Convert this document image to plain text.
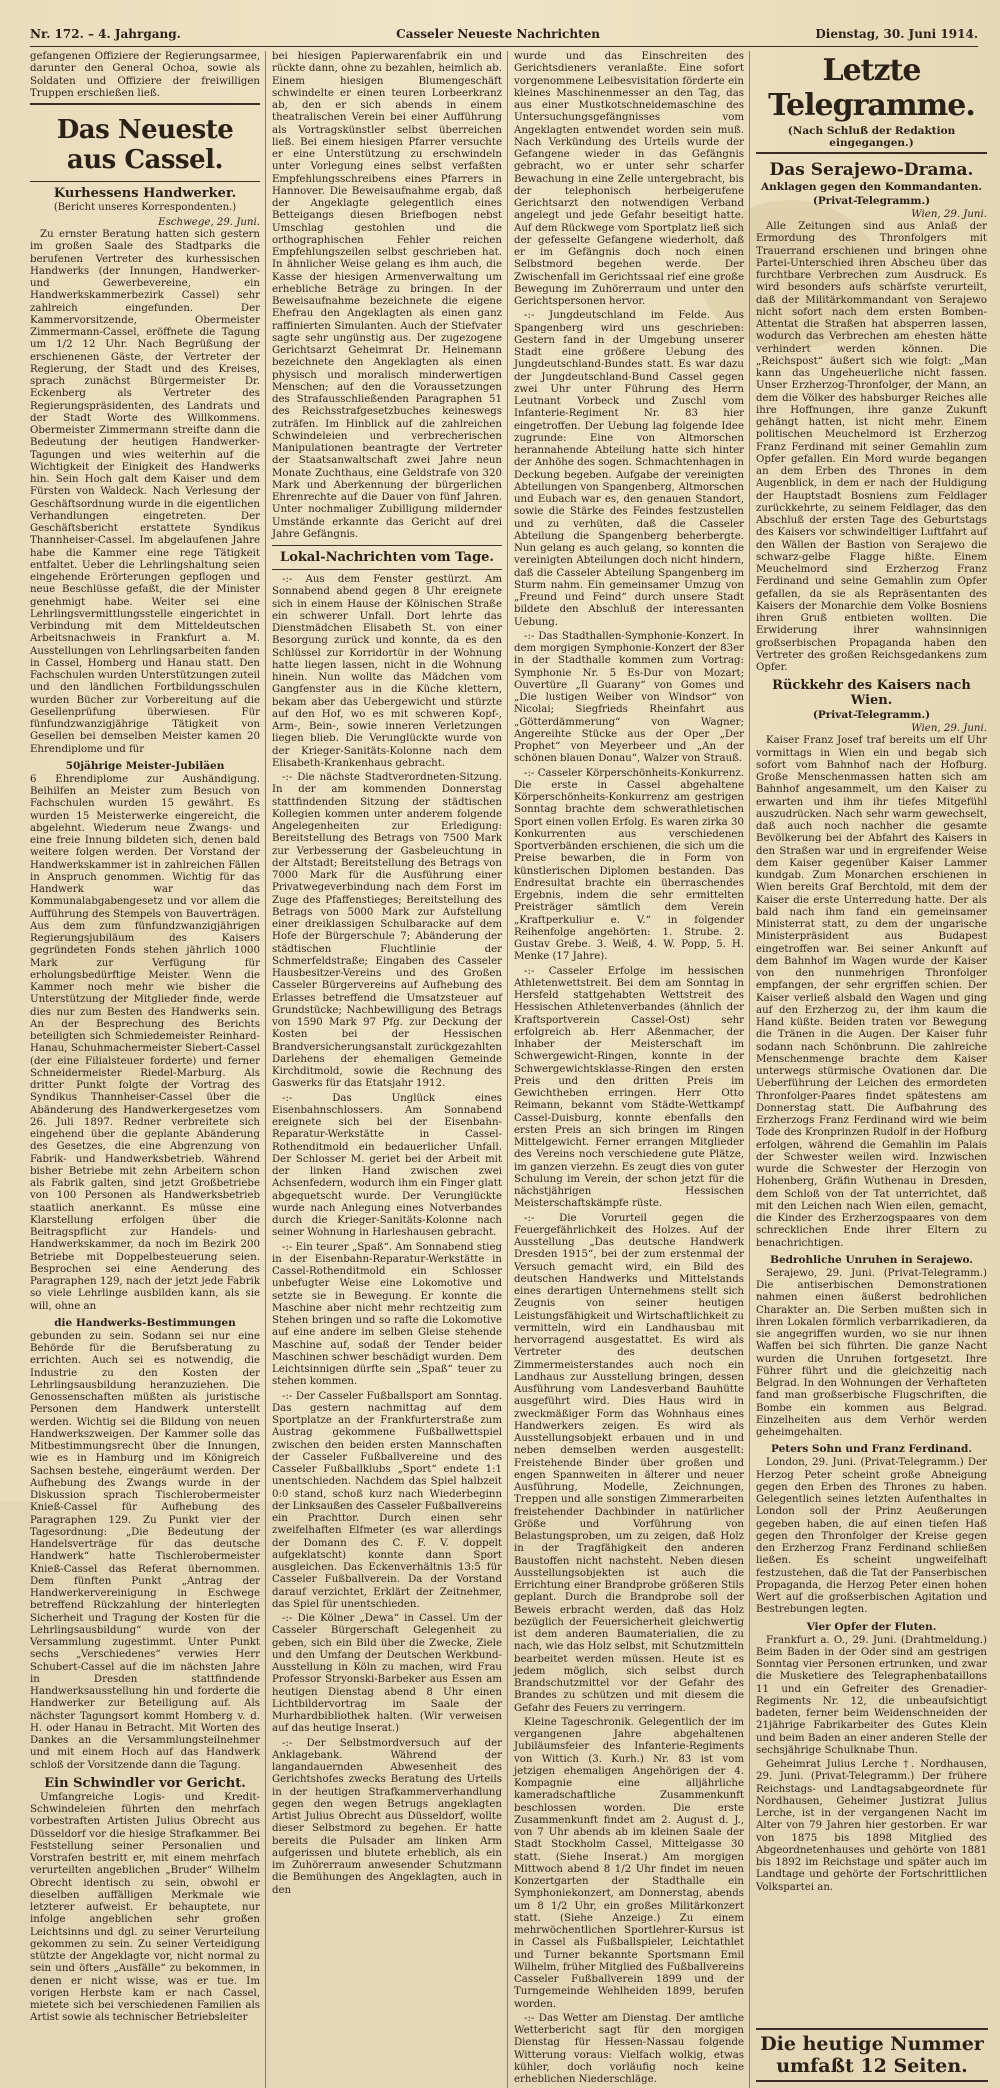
Nr. 172. – 4. Jahrgang.	Casseler Neueste Nachrichten	Dienstag, 30. Juni 1914.

gefangenen Offiziere der Regierungsarmee, darunter den General Ochoa, sowie als Soldaten und Offiziere der freiwilligen Truppen erschießen ließ.

Das Neueste aus Cassel.
Kurhessens Handwerker.
(Bericht unseres Korrespondenten.)
Eschwege, 29. Juni.

Zu ernster Beratung hatten sich gestern im großen Saale des Stadtparks die berufenen Vertreter des kurhessischen Handwerks (der Innungen, Handwerker- und Gewerbevereine, ein Handwerkskammerbezirk Cassel) sehr zahlreich eingefunden. Der Kammervorsitzende, Obermeister Zimmermann-Cassel, eröffnete die Tagung um 1/2 12 Uhr. Nach Begrüßung der erschienenen Gäste, der Vertreter der Regierung, der Stadt und des Kreises, sprach zunächst Bürgermeister Dr. Eckenberg als Vertreter des Regierungspräsidenten, des Landrats und der Stadt Worte des Willkommens. Obermeister Zimmermann streifte dann die Bedeutung der heutigen Handwerker-Tagungen und wies weiterhin auf die Wichtigkeit der Einigkeit des Handwerks hin. Sein Hoch galt dem Kaiser und dem Fürsten von Waldeck. Nach Verlesung der Geschäftsordnung wurde in die eigentlichen Verhandlungen eingetreten. Der Geschäftsbericht erstattete Syndikus Thannheiser-Cassel. Im abgelaufenen Jahre habe die Kammer eine rege Tätigkeit entfaltet. Ueber die Lehrlingshaltung seien eingehende Erörterungen gepflogen und neue Beschlüsse gefaßt, die der Minister genehmigt habe. Weiter sei eine Lehrlingsvermittlungsstelle eingerichtet in Verbindung mit dem Mitteldeutschen Arbeitsnachweis in Frankfurt a. M. Ausstellungen von Lehrlingsarbeiten fanden in Cassel, Homberg und Hanau statt. Den Fachschulen wurden Unterstützungen zuteil und den ländlichen Fortbildungsschulen wurden Bücher zur Vorbereitung auf die Gesellenprüfung überwiesen. Für fünfundzwanzigjährige Tätigkeit von Gesellen bei demselben Meister kamen 20 Ehrendiplome und für

50jährige Meister-Jubiläen

6 Ehrendiplome zur Aushändigung. Beihilfen an Meister zum Besuch von Fachschulen wurden 15 gewährt. Es wurden 15 Meisterwerke eingereicht, die abgelehnt. Wiederum neue Zwangs- und eine freie Innung bildeten sich, denen bald weitere folgen werden. Der Vorstand der Handwerkskammer ist in zahlreichen Fällen in Anspruch genommen. Wichtig für das Handwerk war das Kommunalabgabengesetz und vor allem die Aufführung des Stempels von Bauverträgen. Aus dem zum fünfundzwanzigjährigen Regierungsjubiläum des Kaisers gegründeten Fonds stehen jährlich 1000 Mark zur Verfügung für erholungsbedürftige Meister. Wenn die Kammer noch mehr wie bisher die Unterstützung der Mitglieder finde, werde dies nur zum Besten des Handwerks sein. An der Besprechung des Berichts beteiligten sich Schmiedemeister Reinhard-Hanau, Schuhmachermeister Siebert-Cassel (der eine Filialsteuer forderte) und ferner Schneidermeister Riedel-Marburg. Als dritter Punkt folgte der Vortrag des Syndikus Thannheiser-Cassel über die Abänderung des Handwerkergesetzes vom 26. Juli 1897. Redner verbreitete sich eingehend über die geplante Abänderung des Gesetzes, die eine Abgrenzung von Fabrik- und Handwerksbetrieb. Während bisher Betriebe mit zehn Arbeitern schon als Fabrik galten, sind jetzt Großbetriebe von 100 Personen als Handwerksbetrieb staatlich anerkannt. Es müsse eine Klarstellung erfolgen über die Beitragspflicht zur Handels- und Handwerkskammer, da noch im Bezirk 200 Betriebe mit Doppelbesteuerung seien. Besprochen sei eine Aenderung des Paragraphen 129, nach der jetzt jede Fabrik so viele Lehrlinge ausbilden kann, als sie will, ohne an

die Handwerks-Bestimmungen

gebunden zu sein. Sodann sei nur eine Behörde für die Berufsberatung zu errichten. Auch sei es notwendig, die Industrie zu den Kosten der Lehrlingsausbildung heranzuziehen. Die Genossenschaften müßten als juristische Personen dem Handwerk unterstellt werden. Wichtig sei die Bildung von neuen Handwerkszweigen. Der Kammer solle das Mitbestimmungsrecht über die Innungen, wie es in Hamburg und im Königreich Sachsen bestehe, eingeräumt werden. Der Aufhebung des Zwangs wurde in der Diskussion sprach Tischlerobermeister Knieß-Cassel für Aufhebung des Paragraphen 129. Zu Punkt vier der Tagesordnung: „Die Bedeutung der Handelsverträge für das deutsche Handwerk“ hatte Tischlerobermeister Knieß-Cassel das Referat übernommen. Dem fünften Punkt „Antrag der Handwerkervereinigung in Eschwege betreffend Rückzahlung der hinterlegten Sicherheit und Tragung der Kosten für die Lehrlingsausbildung“ wurde von der Versammlung zugestimmt. Unter Punkt sechs „Verschiedenes“ verwies Herr Schubert-Cassel auf die im nächsten Jahre in Dresden stattfindende Handwerksausstellung hin und forderte die Handwerker zur Beteiligung auf. Als nächster Tagungsort kommt Homberg v. d. H. oder Hanau in Betracht. Mit Worten des Dankes an die Versammlungsteilnehmer und mit einem Hoch auf das Handwerk schloß der Vorsitzende dann die Tagung.

Ein Schwindler vor Gericht.

Umfangreiche Logis- und Kredit-Schwindeleien führten den mehrfach vorbestraften Artisten Julius Obrecht aus Düsseldorf vor die hiesige Strafkammer. Bei Feststellung seiner Personalien und Vorstrafen bestritt er, mit einem mehrfach verurteilten angeblichen „Bruder“ Wilhelm Obrecht identisch zu sein, obwohl er dieselben auffälligen Merkmale wie letzterer aufweist. Er behauptete, nur infolge angeblichen sehr großen Leichtsinns und dgl. zu seiner Verurteilung gekommen zu sein. Zu seiner Verteidigung stützte der Angeklagte vor, nicht normal zu sein und öfters „Ausfälle“ zu bekommen, in denen er nicht wisse, was er tue. Im vorigen Herbste kam er nach Cassel, mietete sich bei verschiedenen Familien als Artist sowie als technischer Betriebsleiter

bei hiesigen Papierwarenfabrik ein und rückte dann, ohne zu bezahlen, heimlich ab. Einem hiesigen Blumengeschäft schwindelte er einen teuren Lorbeerkranz ab, den er sich abends in einem theatralischen Verein bei einer Aufführung als Vortragskünstler selbst überreichen ließ. Bei einem hiesigen Pfarrer versuchte er eine Unterstützung zu erschwindeln unter Vorlegung eines selbst verfaßten Empfehlungsschreibens eines Pfarrers in Hannover. Die Beweisaufnahme ergab, daß der Angeklagte gelegentlich eines Betteigangs diesen Briefbogen nebst Umschlag gestohlen und die orthographischen Fehler reichen Empfehlungszeilen selbst geschrieben hat. In ähnlicher Weise gelang es ihm auch, die Kasse der hiesigen Armenverwaltung um erhebliche Beträge zu bringen. In der Beweisaufnahme bezeichnete die eigene Ehefrau den Angeklagten als einen ganz raffinierten Simulanten. Auch der Stiefvater sagte sehr ungünstig aus. Der zugezogene Gerichtsarzt Geheimrat Dr. Heinemann bezeichnete den Angeklagten als einen physisch und moralisch minderwertigen Menschen; auf den die Voraussetzungen des Strafausschließenden Paragraphen 51 des Reichsstrafgesetzbuches keineswegs zuträfen. Im Hinblick auf die zahlreichen Schwindeleien und verbrecherischen Manipulationen beantragte der Vertreter der Staatsanwaltschaft zwei Jahre neun Monate Zuchthaus, eine Geldstrafe von 320 Mark und Aberkennung der bürgerlichen Ehrenrechte auf die Dauer von fünf Jahren. Unter nochmaliger Zubilligung mildernder Umstände erkannte das Gericht auf drei Jahre Gefängnis.

Lokal-Nachrichten vom Tage.

-:- Aus dem Fenster gestürzt. Am Sonnabend abend gegen 8 Uhr ereignete sich in einem Hause der Kölnischen Straße ein schwerer Unfall. Dort lehrte das Dienstmädchen Elisabeth St. von einer Besorgung zurück und konnte, da es den Schlüssel zur Korridortür in der Wohnung hatte liegen lassen, nicht in die Wohnung hinein. Nun wollte das Mädchen vom Gangfenster aus in die Küche klettern, bekam aber das Uebergewicht und stürzte auf den Hof, wo es mit schweren Kopf-, Arm-, Bein-, sowie inneren Verletzungen liegen blieb. Die Verunglückte wurde von der Krieger-Sanitäts-Kolonne nach dem Elisabeth-Krankenhaus gebracht.

-:- Die nächste Stadtverordneten-Sitzung. In der am kommenden Donnerstag stattfindenden Sitzung der städtischen Kollegien kommen unter anderem folgende Angelegenheiten zur Erledigung: Bereitstellung des Betrags von 7500 Mark zur Verbesserung der Gasbeleuchtung in der Altstadt; Bereitstellung des Betrags von 7000 Mark für die Ausführung einer Privatwegeverbindung nach dem Forst im Zuge des Pfaffenstieges; Bereitstellung des Betrags von 5000 Mark zur Aufstellung einer dreiklassigen Schulbaracke auf dem Hofe der Bürgerschule 7; Abänderung der städtischen Fluchtlinie der Schmerfeldstraße; Eingaben des Casseler Hausbesitzer-Vereins und des Großen Casseler Bürgervereins auf Aufhebung des Erlasses betreffend die Umsatzsteuer auf Grundstücke; Nachbewilligung des Betrags von 1590 Mark 97 Pfg. zur Deckung der Kosten bei der Hessischen Brandversicherungsanstalt zurückgezahlten Darlehens der ehemaligen Gemeinde Kirchditmold, sowie die Rechnung des Gaswerks für das Etatsjahr 1912.

-:- Das Unglück eines Eisenbahnschlossers. Am Sonnabend ereignete sich bei der Eisenbahn-Reparatur-Werkstätte in Cassel-Rothenditmold ein bedauerlicher Unfall. Der Schlosser M. geriet bei der Arbeit mit der linken Hand zwischen zwei Achsenfedern, wodurch ihm ein Finger glatt abgequetscht wurde. Der Verunglückte wurde nach Anlegung eines Notverbandes durch die Krieger-Sanitäts-Kolonne nach seiner Wohnung in Harleshausen gebracht.

-:- Ein teurer „Spaß“. Am Sonnabend stieg in der Eisenbahn-Reparatur-Werkstätte in Cassel-Rothenditmold ein Schlosser unbefugter Weise eine Lokomotive und setzte sie in Bewegung. Er konnte die Maschine aber nicht mehr rechtzeitig zum Stehen bringen und so rafte die Lokomotive auf eine andere im selben Gleise stehende Maschine auf, sodaß der Tender beider Maschinen schwer beschädigt wurden. Dem Leichtsinnigen dürfte sein „Spaß“ teuer zu stehen kommen.

-:- Der Casseler Fußballsport am Sonntag. Das gestern nachmittag auf dem Sportplatze an der Frankfurterstraße zum Austrag gekommene Fußballwettspiel zwischen den beiden ersten Mannschaften der Casseler Fußballvereine und des Casseler Fußballklubs „Sport“ endete 1:1 unentschieden. Nachdem das Spiel halbzeit 0:0 stand, schoß kurz nach Wiederbeginn der Linksaußen des Casseler Fußballvereins ein Prachttor. Durch einen sehr zweifelhaften Elfmeter (es war allerdings der Domann des C. F. V. doppelt aufgeklatscht) konnte dann Sport ausgleichen. Das Eckenverhältnis 13:5 für Casseler Fußballverein. Da der Vorstand darauf verzichtet, Erklärt der Zeitnehmer, das Spiel für unentschieden.

-:- Die Kölner „Dewa“ in Cassel. Um der Casseler Bürgerschaft Gelegenheit zu geben, sich ein Bild über die Zwecke, Ziele und den Umfang der Deutschen Werkbund-Ausstellung in Köln zu machen, wird Frau Professor Stryonski-Barbeker aus Essen am heutigen Dienstag abend 8 Uhr einen Lichtbildervortrag im Saale der Murhardbibliothek halten. (Wir verweisen auf das heutige Inserat.)

-:- Der Selbstmordversuch auf der Anklagebank. Während der langandauernden Abwesenheit des Gerichtshofes zwecks Beratung des Urteils in der heutigen Strafkammerverhandlung gegen den wegen Betrugs angeklagten Artist Julius Obrecht aus Düsseldorf, wollte dieser Selbstmord zu begehen. Er hatte bereits die Pulsader am linken Arm aufgerissen und blutete erheblich, als ein im Zuhörerraum anwesender Schutzmann die Bemühungen des Angeklagten, auch in den

wurde und das Einschreiten des Gerichtsdieners veranlaßte. Eine sofort vorgenommene Leibesvisitation förderte ein kleines Maschinenmesser an den Tag, das aus einer Mustkotschneidemaschine des Untersuchungsgefängnisses vom Angeklagten entwendet worden sein muß. Nach Verkündung des Urteils wurde der Gefangene wieder in das Gefängnis gebracht, wo er unter sehr scharfer Bewachung in eine Zelle untergebracht, bis der telephonisch herbeigerufene Gerichtsarzt den notwendigen Verband angelegt und jede Gefahr beseitigt hatte. Auf dem Rückwege vom Sportplatz ließ sich der gefesselte Gefangene wiederholt, daß er im Gefängnis doch noch einen Selbstmord begehen werde. Der Zwischenfall im Gerichtssaal rief eine große Bewegung im Zuhörerraum und unter den Gerichtspersonen hervor.

-:- Jungdeutschland im Felde. Aus Spangenberg wird uns geschrieben: Gestern fand in der Umgebung unserer Stadt eine größere Uebung des Jungdeutschland-Bundes statt. Es war dazu der Jungdeutschland-Bund Cassel gegen zwei Uhr unter Führung des Herrn Leutnant Vorbeck und Zuschl vom Infanterie-Regiment Nr. 83 hier eingetroffen. Der Uebung lag folgende Idee zugrunde: Eine von Altmorschen herannahende Abteilung hatte sich hinter der Anhöhe des sogen. Schmachtenhagen in Deckung begeben. Aufgabe der vereinigten Abteilungen von Spangenberg, Altmorschen und Eubach war es, den genauen Standort, sowie die Stärke des Feindes festzustellen und zu verhüten, daß die Casseler Abteilung die Spangenberg beherbergte. Nun gelang es auch gelang, so konnten die vereinigten Abteilungen doch nicht hindern, daß die Casseler Abteilung Spangenberg im Sturm nahm. Ein gemeinsamer Umzug von „Freund und Feind“ durch unsere Stadt bildete den Abschluß der interessanten Uebung.

-:- Das Stadthallen-Symphonie-Konzert. In dem morgigen Symphonie-Konzert der 83er in der Stadthalle kommen zum Vortrag: Symphonie Nr. 5 Es-Dur von Mozart; Ouvertüre „Il Guarany“ von Gomes und „Die lustigen Weiber von Windsor“ von Nicolai; Siegfrieds Rheinfahrt aus „Götterdämmerung“ von Wagner; Angereihte Stücke aus der Oper „Der Prophet“ von Meyerbeer und „An der schönen blauen Donau“, Walzer von Strauß.

-:- Casseler Körperschönheits-Konkurrenz. Die erste in Cassel abgehaltene Körperschönheits-Konkurrenz am gestrigen Sonntag brachte dem schwerathletischen Sport einen vollen Erfolg. Es waren zirka 30 Konkurrenten aus verschiedenen Sportverbänden erschienen, die sich um die Preise bewarben, die in Form von künstlerischen Diplomen bestanden. Das Endresultat brachte ein überraschendes Ergebnis, indem die sehr ermittelten Preisträger sämtlich dem Verein „Kraftperkuliur e. V.“ in folgender Reihenfolge angehörten: 1. Strube. 2. Gustav Grebe. 3. Weiß, 4. W. Popp, 5. H. Menke (17 Jahre).

-:- Casseler Erfolge im hessischen Athletenwettstreit. Bei dem am Sonntag in Hersfeld stattgehabten Wettstreit des Hessischen Athletenverbandes (ähnlich der Kraftsportverein Cassel-Ost) sehr erfolgreich ab. Herr Aßenmacher, der Inhaber der Meisterschaft im Schwergewicht-Ringen, konnte in der Schwergewichtsklasse-Ringen den ersten Preis und den dritten Preis im Gewichtheben erringen. Herr Otto Reimann, bekannt vom Städte-Wettkampf Cassel-Duisburg, konnte ebenfalls den ersten Preis an sich bringen im Ringen Mittelgewicht. Ferner errangen Mitglieder des Vereins noch verschiedene gute Plätze, im ganzen vierzehn. Es zeugt dies von guter Schulung im Verein, der schon jetzt für die nächstjährigen Hessischen Meisterschaftskämpfe rüste.

-:- Die Vorurteil gegen die Feuergefährlichkeit des Holzes. Auf der Ausstellung „Das deutsche Handwerk Dresden 1915“, bei der zum erstenmal der Versuch gemacht wird, ein Bild des deutschen Handwerks und Mittelstands eines derartigen Unternehmens stellt sich Zeugnis von seiner heutigen Leistungsfähigkeit und Wirtschaftlichkeit zu vermitteln, wird ein Landhausbau mit hervorragend ausgestattet. Es wird als Vertreter des deutschen Zimmermeisterstandes auch noch ein Landhaus zur Ausstellung bringen, dessen Ausführung vom Landesverband Bauhütte ausgeführt wird. Dies Haus wird in zweckmäßiger Form das Wohnhaus eines Handwerkers zeigen. Es wird als Ausstellungsobjekt erbauen und in und neben demselben werden ausgestellt: Freistehende Binder über großen und engen Spannweiten in älterer und neuer Ausführung, Modelle, Zeichnungen, Treppen und alle sonstigen Zimmerarbeiten freistehender Dachbinder in natürlicher Größe und Vorführung von Belastungsproben, um zu zeigen, daß Holz in der Tragfähigkeit den anderen Baustoffen nicht nachsteht. Neben diesen Ausstellungsobjekten ist auch die Errichtung einer Brandprobe größeren Stils geplant. Durch die Brandprobe soll der Beweis erbracht werden, daß das Holz bezüglich der Feuersicherheit gleichwertig ist dem anderen Baumaterialien, die zu nach, wie das Holz selbst, mit Schutzmitteln bearbeitet werden müssen. Heute ist es jedem möglich, sich selbst durch Brandschutzmittel vor der Gefahr des Brandes zu schützen und mit diesem die Gefahr des Feuers zu verringern.

Kleine Tageschronik. Gelegentlich der im vergangenen Jahre abgehaltenen Jubiläumsfeier des Infanterie-Regiments von Wittich (3. Kurh.) Nr. 83 ist vom jetzigen ehemaligen Angehörigen der 4. Kompagnie eine alljährliche kameradschaftliche Zusammenkunft beschlossen worden. Die erste Zusammenkunft findet am 2. August d. J., von 7 Uhr abends ab im kleinen Saale der Stadt Stockholm Cassel, Mittelgasse 30 statt. (Siehe Inserat.) Am morgigen Mittwoch abend 8 1/2 Uhr findet im neuen Konzertgarten der Stadthalle ein Symphoniekonzert, am Donnerstag, abends um 8 1/2 Uhr, ein großes Militärkonzert statt. (Siehe Anzeige.) Zu einem mehrwöchentlichen Sportlehrer-Kursus ist in Cassel als Fußballspieler, Leichtathlet und Turner bekannte Sportsmann Emil Wilhelm, früher Mitglied des Fußballvereins Casseler Fußballverein 1899 und der Turngemeinde Wehlheiden 1899, berufen worden.

-:- Das Wetter am Dienstag. Der amtliche Wetterbericht sagt für den morgigen Dienstag für Hessen-Nassau folgende Witterung voraus: Vielfach wolkig, etwas kühler, doch vorläufig noch keine erheblichen Niederschläge.

Letzte Telegramme.
(Nach Schluß der Redaktion eingegangen.)
Das Serajewo-Drama.
Anklagen gegen den Kommandanten.
(Privat-Telegramm.)
Wien, 29. Juni.

Alle Zeitungen sind aus Anlaß der Ermordung des Thronfolgers mit Trauerrand erschienen und bringen ohne Partei-Unterschied ihren Abscheu über das furchtbare Verbrechen zum Ausdruck. Es wird besonders aufs schärfste verurteilt, daß der Militärkommandant von Serajewo nicht sofort nach dem ersten Bomben-Attentat die Straßen hat absperren lassen, wodurch das Verbrechen am ehesten hätte verhindert werden können. Die „Reichspost“ äußert sich wie folgt: „Man kann das Ungeheuerliche nicht fassen. Unser Erzherzog-Thronfolger, der Mann, an dem die Völker des habsburger Reiches alle ihre Hoffnungen, ihre ganze Zukunft gehängt hatten, ist nicht mehr. Einem politischen Meuchelmord ist Erzherzog Franz Ferdinand mit seiner Gemahlin zum Opfer gefallen. Ein Mord wurde begangen an dem Erben des Thrones in dem Augenblick, in dem er nach der Huldigung der Hauptstadt Bosniens zum Feldlager zurückkehrte, zu seinem Feldlager, das den Abschluß der ersten Tage des Geburtstags des Kaisers vor schwindeltiger Luftfahrt auf den Wällen der Bastion von Serajewo die schwarz-gelbe Flagge hißte. Einem Meuchelmord sind Erzherzog Franz Ferdinand und seine Gemahlin zum Opfer gefallen, da sie als Repräsentanten des Kaisers der Monarchie dem Volke Bosniens ihren Gruß entbieten wollten. Die Erwiderung ihrer wahnsinnigen großserbischen Propaganda haben den Vertreter des großen Reichsgedankens zum Opfer.

Rückkehr des Kaisers nach Wien.
(Privat-Telegramm.)
Wien, 29. Juni.

Kaiser Franz Josef traf bereits um elf Uhr vormittags in Wien ein und begab sich sofort vom Bahnhof nach der Hofburg. Große Menschenmassen hatten sich am Bahnhof angesammelt, um den Kaiser zu erwarten und ihm ihr tiefes Mitgefühl auszudrücken. Nach sehr warm gewechselt, daß auch noch nachher die gesamte Bevölkerung bei der Abfahrt des Kaisers in den Straßen war und in ergreifender Weise dem Kaiser gegenüber Kaiser Lammer kundgab. Zum Monarchen erschienen in Wien bereits Graf Berchtold, mit dem der Kaiser die erste Unterredung hatte. Der als bald nach ihm fand ein gemeinsamer Ministerrat statt, zu dem der ungarische Ministerpräsident aus Budapest eingetroffen war. Bei seiner Ankunft auf dem Bahnhof im Wagen wurde der Kaiser von den nunmehrigen Thronfolger empfangen, der sehr ergriffen schien. Der Kaiser verließ alsbald den Wagen und ging auf den Erzherzog zu, der ihm kaum die Hand küßte. Beiden traten vor Bewegung die Tränen in die Augen. Der Kaiser fuhr sodann nach Schönbrunn. Die zahlreiche Menschenmenge brachte dem Kaiser unterwegs stürmische Ovationen dar. Die Ueberführung der Leichen des ermordeten Thronfolger-Paares findet spätestens am Donnerstag statt. Die Aufbahrung des Erzherzogs Franz Ferdinand wird wie beim Tode des Kronprinzen Rudolf in der Hofburg erfolgen, während die Gemahlin im Palais der Schwester weilen wird. Inzwischen wurde die Schwester der Herzogin von Hohenberg, Gräfin Wuthenau in Dresden, dem Schloß von der Tat unterrichtet, daß mit den Leichen nach Wien eilen, gemacht, die Kinder des Erzherzogspaares von dem schrecklichen Ende ihrer Eltern zu benachrichtigen.

Bedrohliche Unruhen in Serajewo.

Serajewo, 29. Juni. (Privat-Telegramm.) Die antiserbischen Demonstrationen nahmen einen äußerst bedrohlichen Charakter an. Die Serben mußten sich in ihren Lokalen förmlich verbarrikadieren, da sie angegriffen wurden, wo sie nur ihnen Waffen bei sich führten. Die ganze Nacht wurden die Unruhen fortgesetzt. Ihre Führer führt und die gleichzeitig nach Belgrad. In den Wohnungen der Verhafteten fand man großserbische Flugschriften, die Bombe ein kommen aus Belgrad. Einzelheiten aus dem Verhör werden geheimgehalten.

Peters Sohn und Franz Ferdinand.

London, 29. Juni. (Privat-Telegramm.) Der Herzog Peter scheint große Abneigung gegen den Erben des Thrones zu haben. Gelegentlich seines letzten Aufenthaltes in London soll der Prinz Aeußerungen gegeben haben, die auf einen tiefen Haß gegen den Thronfolger der Kreise gegen den Erzherzog Franz Ferdinand schließen ließen. Es scheint ungweifelhaft festzustehen, daß die Tat der Panserbischen Propaganda, die Herzog Peter einen hohen Wert auf die großserbischen Agitation und Bestrebungen legten.

Vier Opfer der Fluten.

Frankfurt a. O., 29. Juni. (Drahtmeldung.) Beim Baden in der Oder sind am gestrigen Sonntag vier Personen ertrunken, und zwar die Musketiere des Telegraphenbataillons 11 und ein Gefreiter des Grenadier-Regiments Nr. 12, die unbeaufsichtigt badeten, ferner beim Weidenschneiden der 21jährige Fabrikarbeiter des Gutes Klein und beim Baden an einer anderen Stelle der sechsjährige Schulknabe Thun.

Geheimrat Julius Lerche †. Nordhausen, 29. Juni. (Privat-Telegramm.) Der frühere Reichstags- und Landtagsabgeordnete für Nordhausen, Geheimer Justizrat Julius Lerche, ist in der vergangenen Nacht im Alter von 79 Jahren hier gestorben. Er war von 1875 bis 1898 Mitglied des Abgeordnetenhauses und gehörte von 1881 bis 1892 im Reichstage und später auch im Landtage und gehörte der Fortschrittlichen Volkspartei an.

Die heutige Nummer umfaßt 12 Seiten.
